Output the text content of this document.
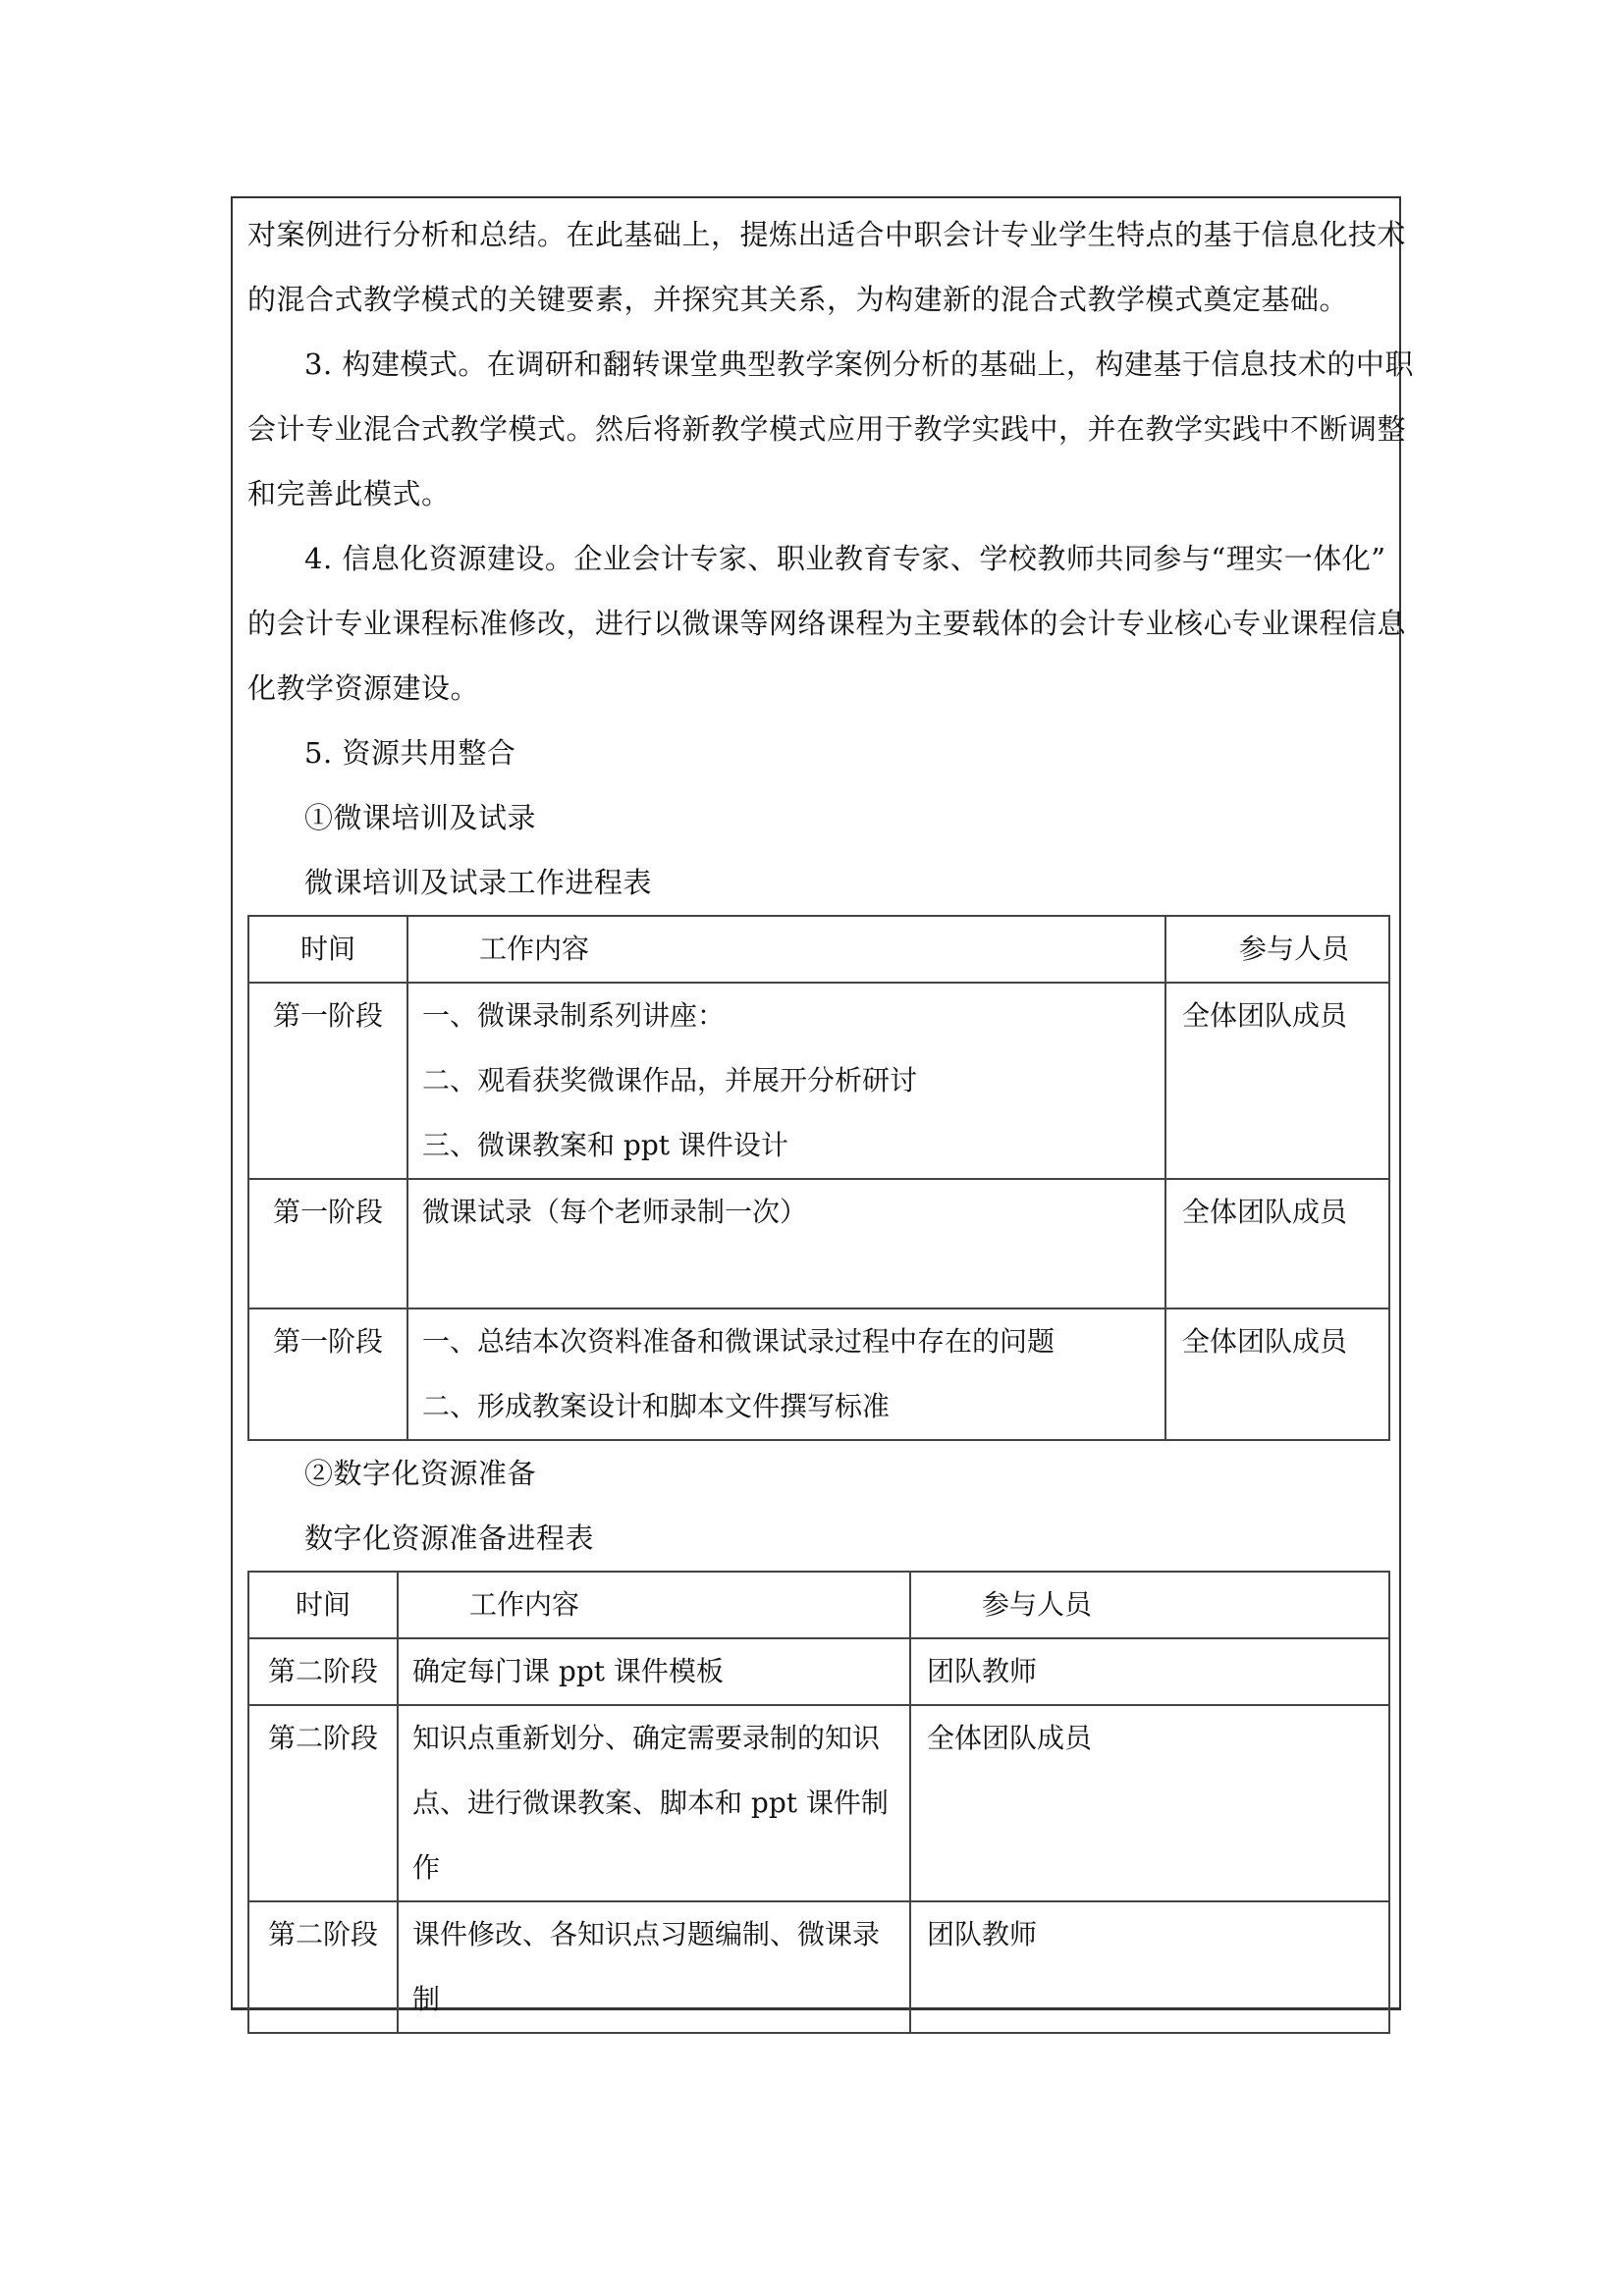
对案例进行分析和总结。在此基础上，提炼出适合中职会计专业学生特点的基于信息化技术

的混合式教学模式的关键要素，并探究其关系，为构建新的混合式教学模式奠定基础。

3. 构建模式。在调研和翻转课堂典型教学案例分析的基础上，构建基于信息技术的中职

会计专业混合式教学模式。然后将新教学模式应用于教学实践中，并在教学实践中不断调整

和完善此模式。

4. 信息化资源建设。企业会计专家、职业教育专家、学校教师共同参与“理实一体化”

的会计专业课程标准修改，进行以微课等网络课程为主要载体的会计专业核心专业课程信息

化教学资源建设。

5. 资源共用整合

①微课培训及试录

微课培训及试录工作进程表

时间	工作内容	参与人员

第一阶段	一、微课录制系列讲座：
二、观看获奖微课作品，并展开分析研讨
三、微课教案和 ppt 课件设计	全体团队成员

第一阶段	微课试录（每个老师录制一次）	全体团队成员

第一阶段	一、总结本次资料准备和微课试录过程中存在的问题
二、形成教案设计和脚本文件撰写标准	全体团队成员

②数字化资源准备

数字化资源准备进程表

时间	工作内容	参与人员

第二阶段	确定每门课 ppt 课件模板	团队教师

第二阶段	知识点重新划分、确定需要录制的知识
点、进行微课教案、脚本和 ppt 课件制
作	全体团队成员

第二阶段	课件修改、各知识点习题编制、微课录
制	团队教师
